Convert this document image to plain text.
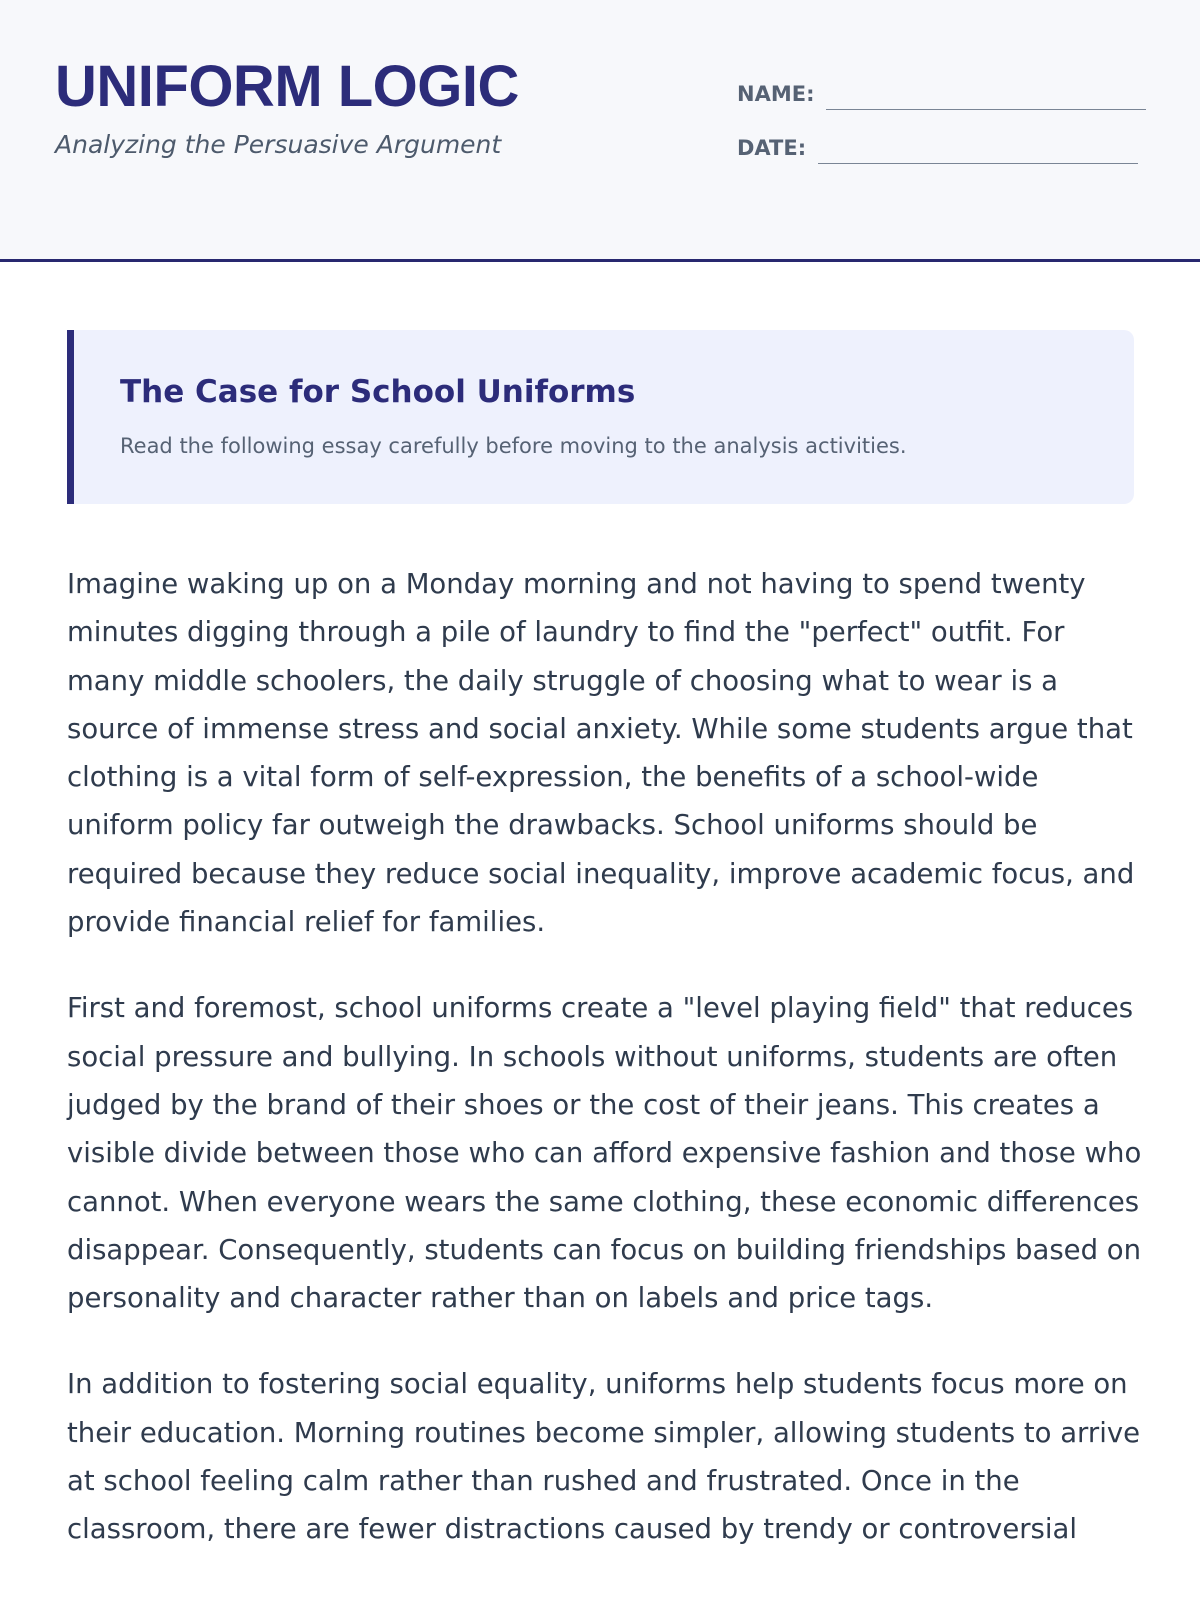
UNIFORM LOGIC
Analyzing the Persuasive Argument
NAME:
DATE:
The Case for School Uniforms
Read the following essay carefully before moving to the analysis activities.

Imagine waking up on a Monday morning and not having to spend twenty minutes digging through a pile of laundry to find the "perfect" outfit. For many middle schoolers, the daily struggle of choosing what to wear is a source of immense stress and social anxiety. While some students argue that clothing is a vital form of self-expression, the benefits of a school-wide uniform policy far outweigh the drawbacks. School uniforms should be required because they reduce social inequality, improve academic focus, and provide financial relief for families.

First and foremost, school uniforms create a "level playing field" that reduces social pressure and bullying. In schools without uniforms, students are often judged by the brand of their shoes or the cost of their jeans. This creates a visible divide between those who can afford expensive fashion and those who cannot. When everyone wears the same clothing, these economic differences disappear. Consequently, students can focus on building friendships based on personality and character rather than on labels and price tags.

In addition to fostering social equality, uniforms help students focus more on their education. Morning routines become simpler, allowing students to arrive at school feeling calm rather than rushed and frustrated. Once in the classroom, there are fewer distractions caused by trendy or controversial
